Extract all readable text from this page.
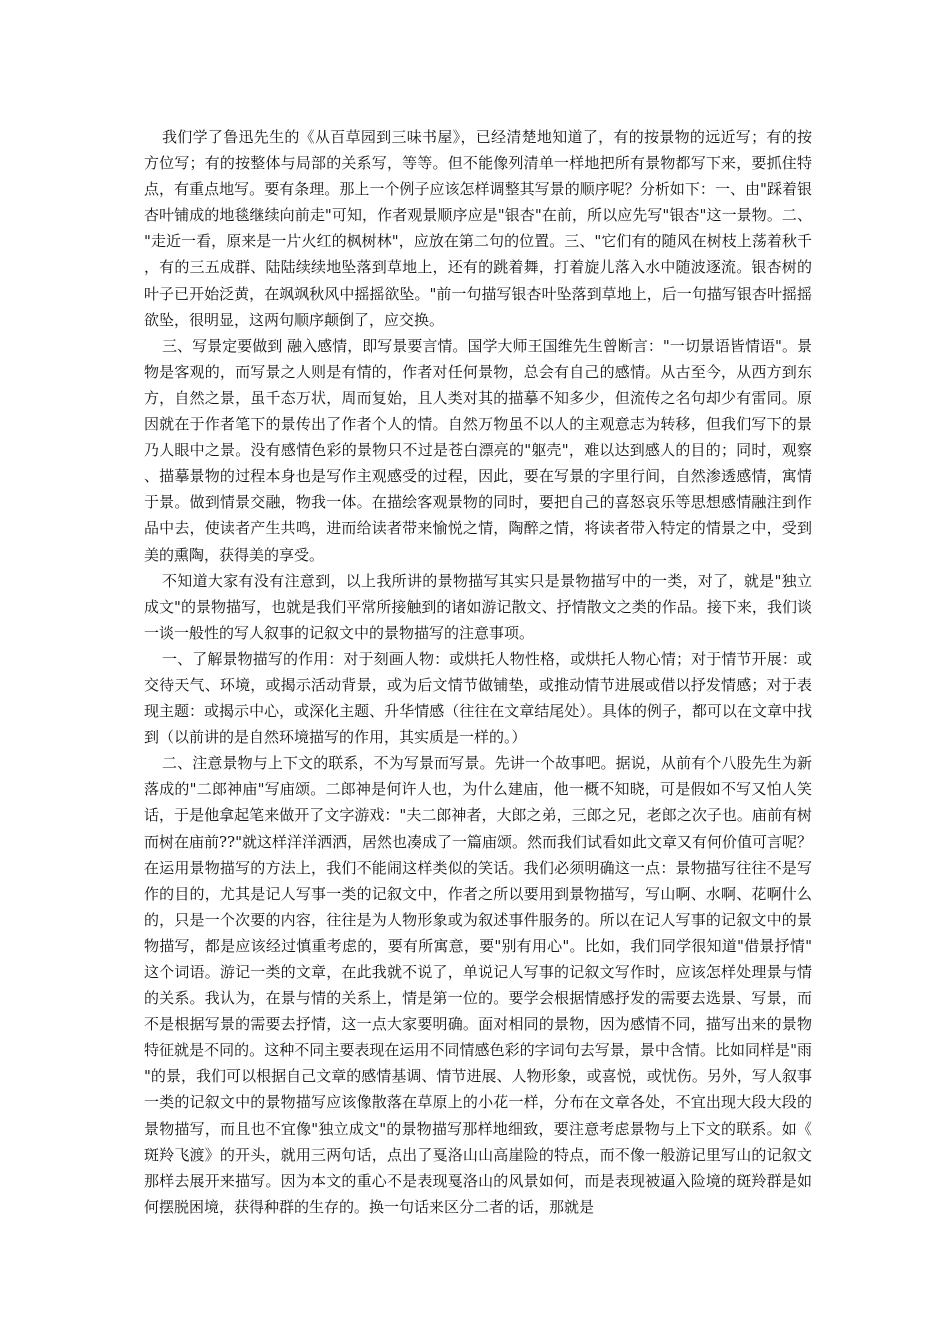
我们学了鲁迅先生的《从百草园到三味书屋》，已经清楚地知道了，有的按景物的远近写；有的按方位写；有的按整体与局部的关系写，等等。但不能像列清单一样地把所有景物都写下来，要抓住特点，有重点地写。要有条理。那上一个例子应该怎样调整其写景的顺序呢？分析如下：一、由"踩着银杏叶铺成的地毯继续向前走"可知，作者观景顺序应是"银杏"在前，所以应先写"银杏"这一景物。二、"走近一看，原来是一片火红的枫树林"，应放在第二句的位置。三、"它们有的随风在树枝上荡着秋千，有的三五成群、陆陆续续地坠落到草地上，还有的跳着舞，打着旋儿落入水中随波逐流。银杏树的叶子已开始泛黄，在飒飒秋风中摇摇欲坠。"前一句描写银杏叶坠落到草地上，后一句描写银杏叶摇摇欲坠，很明显，这两句顺序颠倒了，应交换。

三、写景定要做到 融入感情，即写景要言情。国学大师王国维先生曾断言："一切景语皆情语"。景物是客观的，而写景之人则是有情的，作者对任何景物，总会有自己的感情。从古至今，从西方到东方，自然之景，虽千态万状，周而复始，且人类对其的描摹不知多少，但流传之名句却少有雷同。原因就在于作者笔下的景传出了作者个人的情。自然万物虽不以人的主观意志为转移，但我们写下的景乃人眼中之景。没有感情色彩的景物只不过是苍白漂亮的"躯壳"，难以达到感人的目的；同时，观察、描摹景物的过程本身也是写作主观感受的过程，因此，要在写景的字里行间，自然渗透感情，寓情于景。做到情景交融，物我一体。在描绘客观景物的同时，要把自己的喜怒哀乐等思想感情融注到作品中去，使读者产生共鸣，进而给读者带来愉悦之情，陶醉之情，将读者带入特定的情景之中，受到美的熏陶，获得美的享受。

不知道大家有没有注意到，以上我所讲的景物描写其实只是景物描写中的一类，对了，就是"独立成文"的景物描写，也就是我们平常所接触到的诸如游记散文、抒情散文之类的作品。接下来，我们谈一谈一般性的写人叙事的记叙文中的景物描写的注意事项。

一、了解景物描写的作用：对于刻画人物：或烘托人物性格，或烘托人物心情；对于情节开展：或交待天气、环境，或揭示活动背景，或为后文情节做铺垫，或推动情节进展或借以抒发情感；对于表现主题：或揭示中心，或深化主题、升华情感（往往在文章结尾处）。具体的例子，都可以在文章中找到（以前讲的是自然环境描写的作用，其实质是一样的。）

二、注意景物与上下文的联系，不为写景而写景。先讲一个故事吧。据说，从前有个八股先生为新落成的"二郎神庙"写庙颂。二郎神是何许人也，为什么建庙，他一概不知晓，可是假如不写又怕人笑话，于是他拿起笔来做开了文字游戏："夫二郎神者，大郎之弟，三郎之兄，老郎之次子也。庙前有树而树在庙前??"就这样洋洋洒洒，居然也凑成了一篇庙颂。然而我们试看如此文章又有何价值可言呢？在运用景物描写的方法上，我们不能闹这样类似的笑话。我们必须明确这一点：景物描写往往不是写作的目的，尤其是记人写事一类的记叙文中，作者之所以要用到景物描写，写山啊、水啊、花啊什么的，只是一个次要的内容，往往是为人物形象或为叙述事件服务的。所以在记人写事的记叙文中的景物描写，都是应该经过慎重考虑的，要有所寓意，要"别有用心"。比如，我们同学很知道"借景抒情"这个词语。游记一类的文章，在此我就不说了，单说记人写事的记叙文写作时，应该怎样处理景与情的关系。我认为，在景与情的关系上，情是第一位的。要学会根据情感抒发的需要去选景、写景，而不是根据写景的需要去抒情，这一点大家要明确。面对相同的景物，因为感情不同，描写出来的景物特征就是不同的。这种不同主要表现在运用不同情感色彩的字词句去写景，景中含情。比如同样是"雨"的景，我们可以根据自己文章的感情基调、情节进展、人物形象，或喜悦，或忧伤。另外，写人叙事一类的记叙文中的景物描写应该像散落在草原上的小花一样，分布在文章各处，不宜出现大段大段的景物描写，而且也不宜像"独立成文"的景物描写那样地细致，要注意考虑景物与上下文的联系。如《斑羚飞渡》的开头，就用三两句话，点出了戛洛山山高崖险的特点，而不像一般游记里写山的记叙文那样去展开来描写。因为本文的重心不是表现戛洛山的风景如何，而是表现被逼入险境的斑羚群是如何摆脱困境，获得种群的生存的。换一句话来区分二者的话，那就是
